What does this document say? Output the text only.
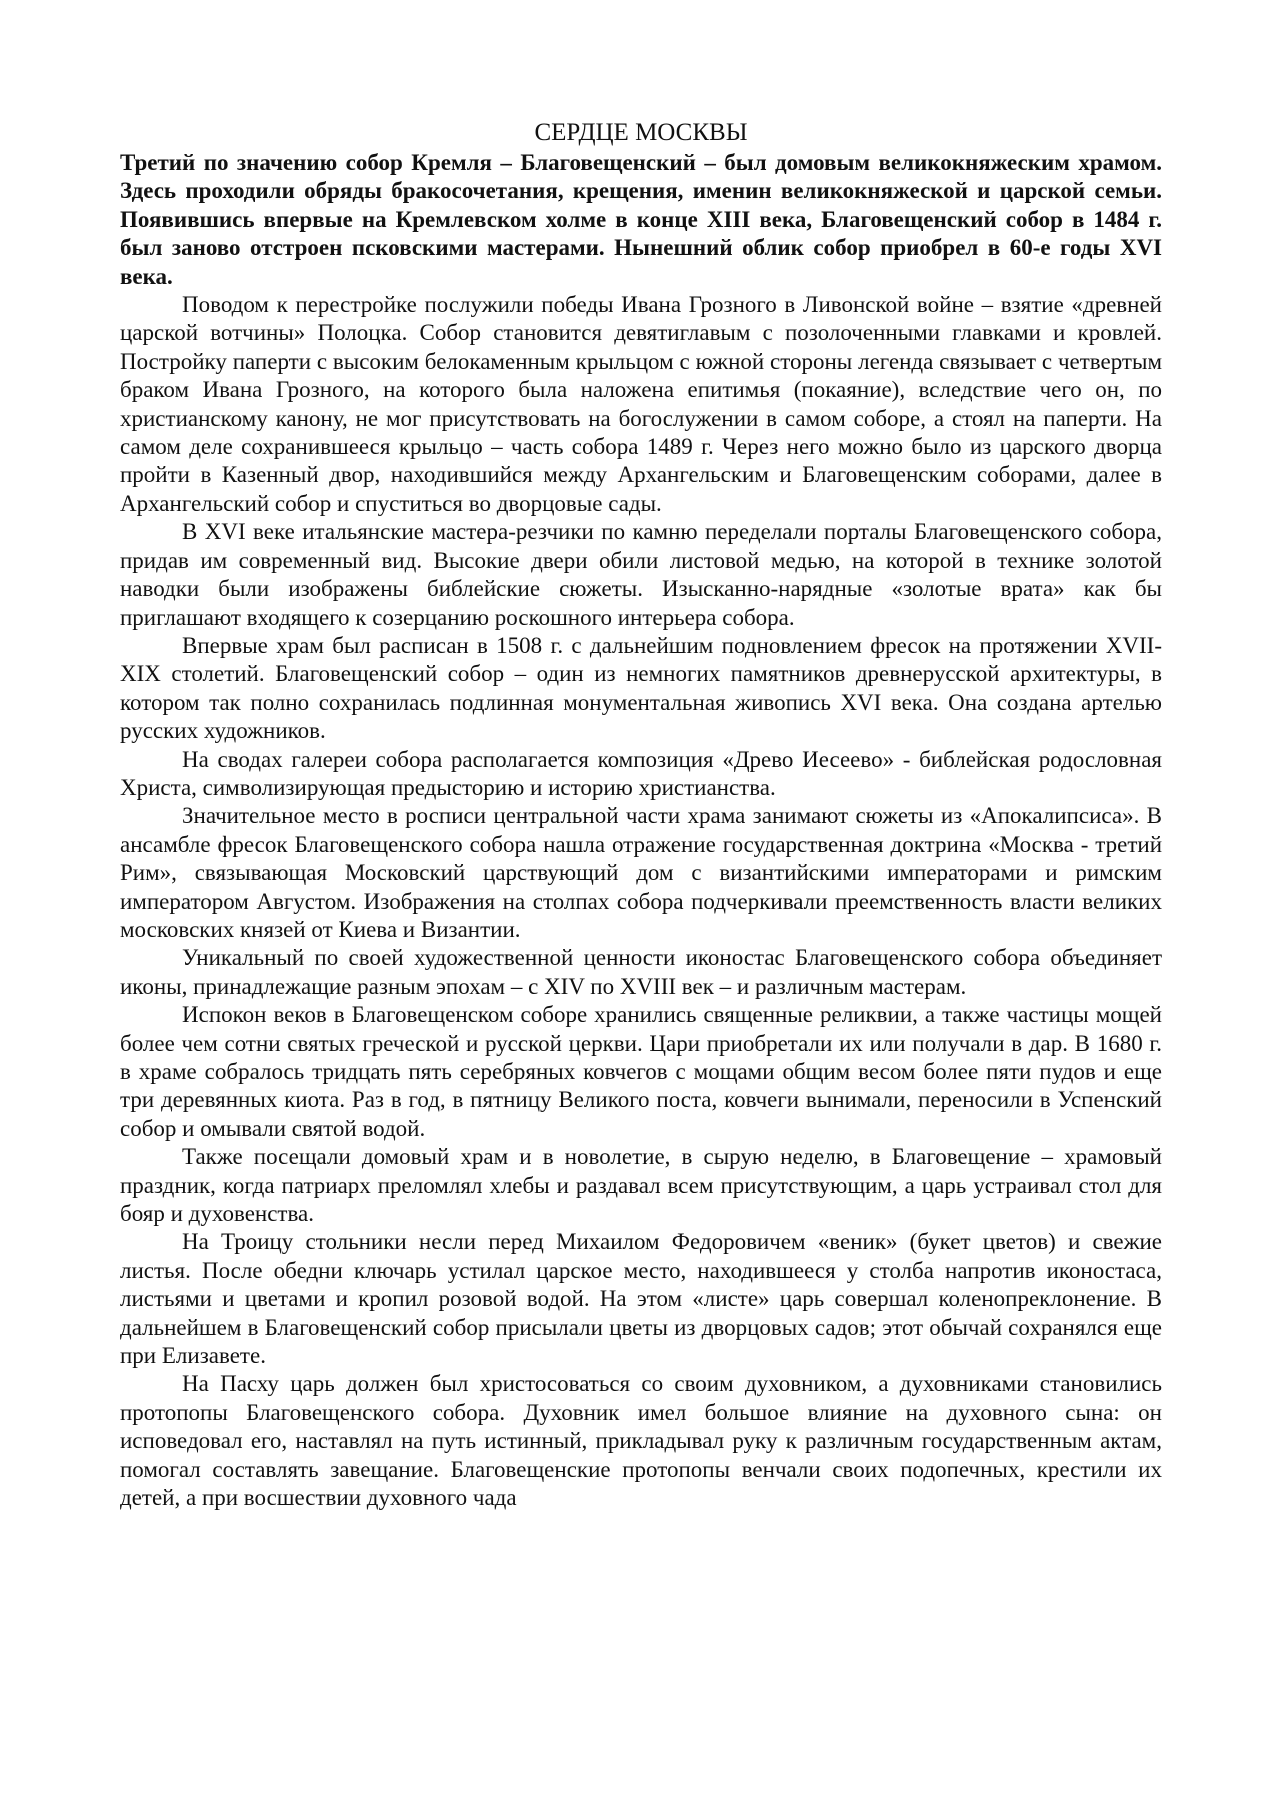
СЕРДЦЕ МОСКВЫ

Третий по значению собор Кремля – Благовещенский – был домовым великокняжеским храмом. Здесь проходили обряды бракосочетания, крещения, именин великокняжеской и царской семьи. Появившись впервые на Кремлевском холме в конце XIII века, Благовещенский собор в 1484 г. был заново отстроен псковскими мастерами. Нынешний облик собор приобрел в 60-е годы XVI века.

Поводом к перестройке послужили победы Ивана Грозного в Ливонской войне – взятие «древней царской вотчины» Полоцка. Собор становится девятиглавым с позолоченными главками и кровлей. Постройку паперти с высоким белокаменным крыльцом с южной стороны легенда связывает с четвертым браком Ивана Грозного, на которого была наложена епитимья (покаяние), вследствие чего он, по христианскому канону, не мог присутствовать на богослужении в самом соборе, а стоял на паперти. На самом деле сохранившееся крыльцо – часть собора 1489 г. Через него можно было из царского дворца пройти в Казенный двор, находившийся между Архангельским и Благовещенским соборами, далее в Архангельский собор и спуститься во дворцовые сады.

В XVI веке итальянские мастера-резчики по камню переделали порталы Благовещенского собора, придав им современный вид. Высокие двери обили листовой медью, на которой в технике золотой наводки были изображены библейские сюжеты. Изысканно-нарядные «золотые врата» как бы приглашают входящего к созерцанию роскошного интерьера собора.

Впервые храм был расписан в 1508 г. с дальнейшим подновлением фресок на протяжении XVII-XIX столетий. Благовещенский собор – один из немногих памятников древнерусской архитектуры, в котором так полно сохранилась подлинная монументальная живопись XVI века. Она создана артелью русских художников.

На сводах галереи собора располагается композиция «Древо Иесеево» - библейская родословная Христа, символизирующая предысторию и историю христианства.

Значительное место в росписи центральной части храма занимают сюжеты из «Апокалипсиса». В ансамбле фресок Благовещенского собора нашла отражение государственная доктрина «Москва - третий Рим», связывающая Московский царствующий дом с византийскими императорами и римским императором Августом. Изображения на столпах собора подчеркивали преемственность власти великих московских князей от Киева и Византии.

Уникальный по своей художественной ценности иконостас Благовещенского собора объединяет иконы, принадлежащие разным эпохам – с XIV по XVIII век – и различным мастерам.

Испокон веков в Благовещенском соборе хранились священные реликвии, а также частицы мощей более чем сотни святых греческой и русской церкви. Цари приобретали их или получали в дар. В 1680 г. в храме собралось тридцать пять серебряных ковчегов с мощами общим весом более пяти пудов и еще три деревянных киота. Раз в год, в пятницу Великого поста, ковчеги вынимали, переносили в Успенский собор и омывали святой водой.

Также посещали домовый храм и в новолетие, в сырую неделю, в Благовещение – храмовый праздник, когда патриарх преломлял хлебы и раздавал всем присутствующим, а царь устраивал стол для бояр и духовенства.

На Троицу стольники несли перед Михаилом Федоровичем «веник» (букет цветов) и свежие листья. После обедни ключарь устилал царское место, находившееся у столба напротив иконостаса, листьями и цветами и кропил розовой водой. На этом «листе» царь совершал коленопреклонение. В дальнейшем в Благовещенский собор присылали цветы из дворцовых садов; этот обычай сохранялся еще при Елизавете.

На Пасху царь должен был христосоваться со своим духовником, а духовниками становились протопопы Благовещенского собора. Духовник имел большое влияние на духовного сына: он исповедовал его, наставлял на путь истинный, прикладывал руку к различным государственным актам, помогал составлять завещание. Благовещенские протопопы венчали своих подопечных, крестили их детей, а при восшествии духовного чада
